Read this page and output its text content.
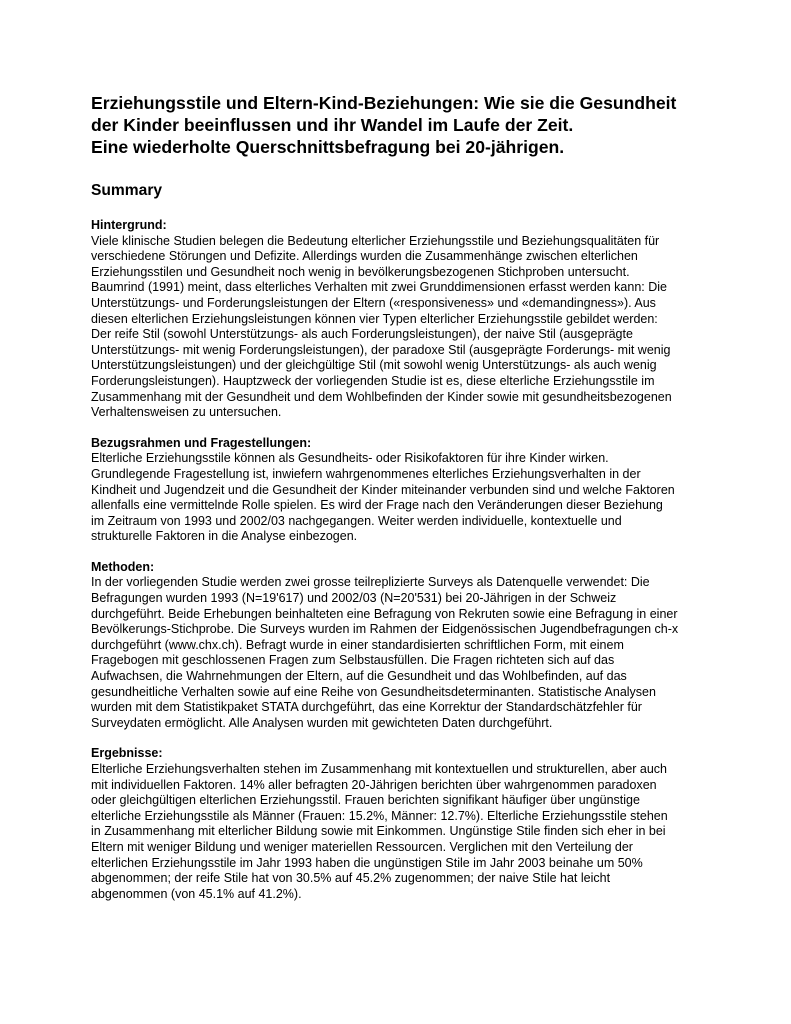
Erziehungsstile und Eltern-Kind-Beziehungen: Wie sie die Gesundheit
der Kinder beeinflussen und ihr Wandel im Laufe der Zeit.
Eine wiederholte Querschnittsbefragung bei 20-jährigen.
Summary
Hintergrund:
Viele klinische Studien belegen die Bedeutung elterlicher Erziehungsstile und Beziehungsqualitäten für
verschiedene Störungen und Defizite. Allerdings wurden die Zusammenhänge zwischen elterlichen
Erziehungsstilen und Gesundheit noch wenig in bevölkerungsbezogenen Stichproben untersucht.
Baumrind (1991) meint, dass elterliches Verhalten mit zwei Grunddimensionen erfasst werden kann: Die
Unterstützungs- und Forderungsleistungen der Eltern («responsiveness» und «demandingness»). Aus
diesen elterlichen Erziehungsleistungen können vier Typen elterlicher Erziehungsstile gebildet werden:
Der reife Stil (sowohl Unterstützungs- als auch Forderungsleistungen), der naive Stil (ausgeprägte
Unterstützungs- mit wenig Forderungsleistungen), der paradoxe Stil (ausgeprägte Forderungs- mit wenig
Unterstützungsleistungen) und der gleichgültige Stil (mit sowohl wenig Unterstützungs- als auch wenig
Forderungsleistungen). Hauptzweck der vorliegenden Studie ist es, diese elterliche Erziehungsstile im
Zusammenhang mit der Gesundheit und dem Wohlbefinden der Kinder sowie mit gesundheitsbezogenen
Verhaltensweisen zu untersuchen.
Bezugsrahmen und Fragestellungen:
Elterliche Erziehungsstile können als Gesundheits- oder Risikofaktoren für ihre Kinder wirken.
Grundlegende Fragestellung ist, inwiefern wahrgenommenes elterliches Erziehungsverhalten in der
Kindheit und Jugendzeit und die Gesundheit der Kinder miteinander verbunden sind und welche Faktoren
allenfalls eine vermittelnde Rolle spielen. Es wird der Frage nach den Veränderungen dieser Beziehung
im Zeitraum von 1993 und 2002/03 nachgegangen. Weiter werden individuelle, kontextuelle und
strukturelle Faktoren in die Analyse einbezogen.
Methoden:
In der vorliegenden Studie werden zwei grosse teilreplizierte Surveys als Datenquelle verwendet: Die
Befragungen wurden 1993 (N=19'617) und 2002/03 (N=20'531) bei 20-Jährigen in der Schweiz
durchgeführt. Beide Erhebungen beinhalteten eine Befragung von Rekruten sowie eine Befragung in einer
Bevölkerungs-Stichprobe. Die Surveys wurden im Rahmen der Eidgenössischen Jugendbefragungen ch-x
durchgeführt (www.chx.ch). Befragt wurde in einer standardisierten schriftlichen Form, mit einem
Fragebogen mit geschlossenen Fragen zum Selbstausfüllen. Die Fragen richteten sich auf das
Aufwachsen, die Wahrnehmungen der Eltern, auf die Gesundheit und das Wohlbefinden, auf das
gesundheitliche Verhalten sowie auf eine Reihe von Gesundheitsdeterminanten. Statistische Analysen
wurden mit dem Statistikpaket STATA durchgeführt, das eine Korrektur der Standardschätzfehler für
Surveydaten ermöglicht. Alle Analysen wurden mit gewichteten Daten durchgeführt.
Ergebnisse:
Elterliche Erziehungsverhalten stehen im Zusammenhang mit kontextuellen und strukturellen, aber auch
mit individuellen Faktoren. 14% aller befragten 20-Jährigen berichten über wahrgenommen paradoxen
oder gleichgültigen elterlichen Erziehungsstil. Frauen berichten signifikant häufiger über ungünstige
elterliche Erziehungsstile als Männer (Frauen: 15.2%, Männer: 12.7%). Elterliche Erziehungsstile stehen
in Zusammenhang mit elterlicher Bildung sowie mit Einkommen. Ungünstige Stile finden sich eher in bei
Eltern mit weniger Bildung und weniger materiellen Ressourcen. Verglichen mit den Verteilung der
elterlichen Erziehungsstile im Jahr 1993 haben die ungünstigen Stile im Jahr 2003 beinahe um 50%
abgenommen; der reife Stile hat von 30.5% auf 45.2% zugenommen; der naive Stile hat leicht
abgenommen (von 45.1% auf 41.2%).
